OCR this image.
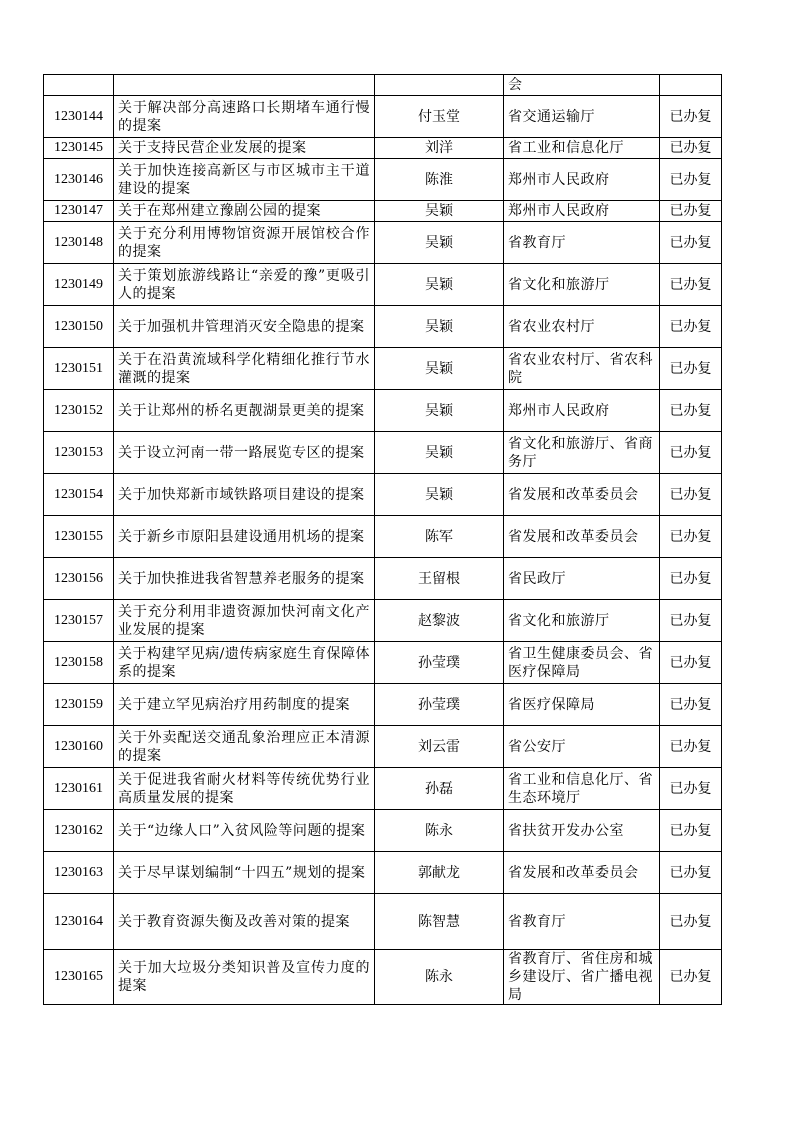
			会	
1230144	关于解决部分高速路口长期堵车通行慢的提案	付玉堂	省交通运输厅	已办复
1230145	关于支持民营企业发展的提案	刘洋	省工业和信息化厅	已办复
1230146	关于加快连接高新区与市区城市主干道建设的提案	陈淮	郑州市人民政府	已办复
1230147	关于在郑州建立豫剧公园的提案	吴颖	郑州市人民政府	已办复
1230148	关于充分利用博物馆资源开展馆校合作的提案	吴颖	省教育厅	已办复
1230149	关于策划旅游线路让“亲爱的豫”更吸引人的提案	吴颖	省文化和旅游厅	已办复
1230150	关于加强机井管理消灭安全隐患的提案	吴颖	省农业农村厅	已办复
1230151	关于在沿黄流域科学化精细化推行节水灌溉的提案	吴颖	省农业农村厅、省农科院	已办复
1230152	关于让郑州的桥名更靓湖景更美的提案	吴颖	郑州市人民政府	已办复
1230153	关于设立河南一带一路展览专区的提案	吴颖	省文化和旅游厅、省商务厅	已办复
1230154	关于加快郑新市域铁路项目建设的提案	吴颖	省发展和改革委员会	已办复
1230155	关于新乡市原阳县建设通用机场的提案	陈军	省发展和改革委员会	已办复
1230156	关于加快推进我省智慧养老服务的提案	王留根	省民政厅	已办复
1230157	关于充分利用非遗资源加快河南文化产业发展的提案	赵黎波	省文化和旅游厅	已办复
1230158	关于构建罕见病/遗传病家庭生育保障体系的提案	孙莹璞	省卫生健康委员会、省医疗保障局	已办复
1230159	关于建立罕见病治疗用药制度的提案	孙莹璞	省医疗保障局	已办复
1230160	关于外卖配送交通乱象治理应正本清源的提案	刘云雷	省公安厅	已办复
1230161	关于促进我省耐火材料等传统优势行业高质量发展的提案	孙磊	省工业和信息化厅、省生态环境厅	已办复
1230162	关于“边缘人口”入贫风险等问题的提案	陈永	省扶贫开发办公室	已办复
1230163	关于尽早谋划编制“十四五”规划的提案	郭献龙	省发展和改革委员会	已办复
1230164	关于教育资源失衡及改善对策的提案	陈智慧	省教育厅	已办复
1230165	关于加大垃圾分类知识普及宣传力度的提案	陈永	省教育厅、省住房和城乡建设厅、省广播电视局	已办复
